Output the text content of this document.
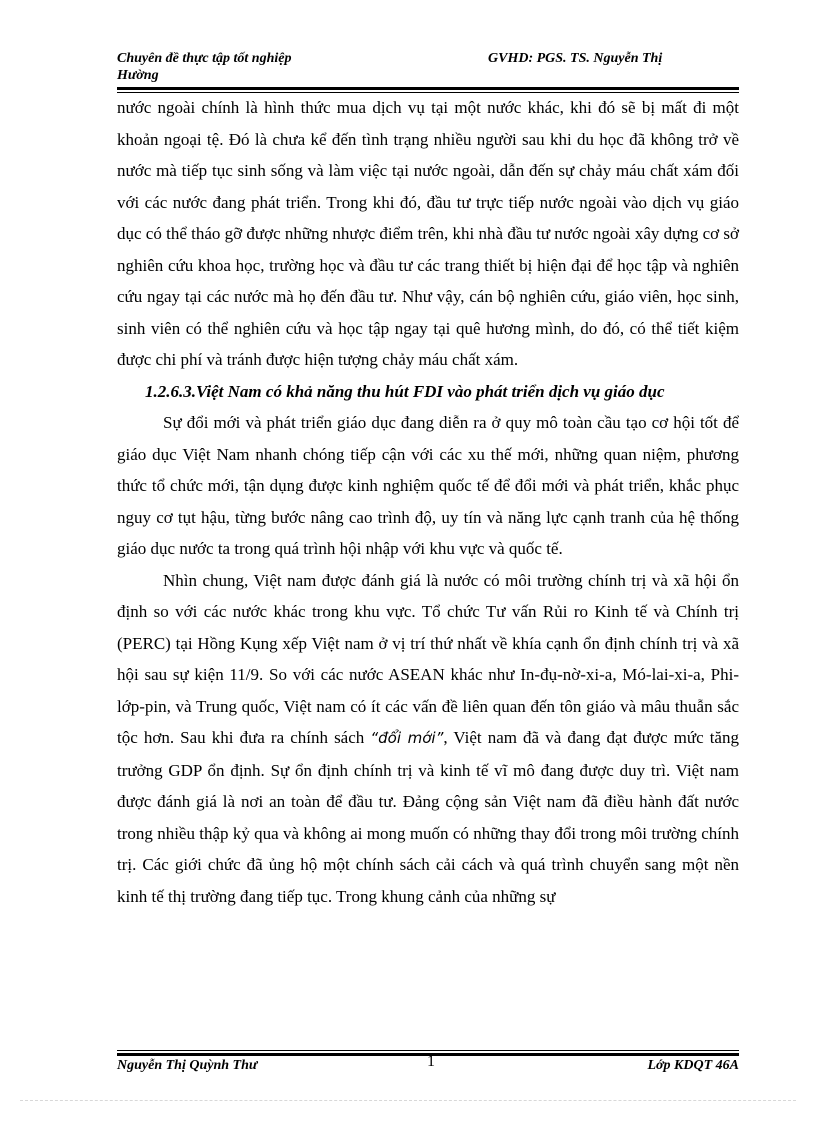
Chuyên đề thực tập tốt nghiệp
Hường
GVHD: PGS. TS. Nguyễn Thị

nước ngoài chính là hình thức mua dịch vụ tại một nước khác, khi đó sẽ bị mất đi một khoản ngoại tệ. Đó là chưa kể đến tình trạng nhiều người sau khi du học đã không trở về nước mà tiếp tục sinh sống và làm việc tại nước ngoài, dẫn đến sự chảy máu chất xám đối với các nước đang phát triển. Trong khi đó, đầu tư trực tiếp nước ngoài vào dịch vụ giáo dục có thể tháo gỡ được những nhược điểm trên, khi nhà đầu tư nước ngoài xây dựng cơ sở nghiên cứu khoa học, trường học và đầu tư các trang thiết bị hiện đại để học tập và nghiên cứu ngay tại các nước mà họ đến đầu tư. Như vậy, cán bộ nghiên cứu, giáo viên, học sinh, sinh viên có thể nghiên cứu và học tập ngay tại quê hương mình, do đó, có thể tiết kiệm được chi phí và tránh được hiện tượng chảy máu chất xám.

1.2.6.3.Việt Nam có khả năng thu hút FDI vào phát triển dịch vụ giáo dục

Sự đổi mới và phát triển giáo dục đang diễn ra ở quy mô toàn cầu tạo cơ hội tốt để giáo dục Việt Nam nhanh chóng tiếp cận với các xu thế mới, những quan niệm, phương thức tổ chức mới, tận dụng được kinh nghiệm quốc tế để đổi mới và phát triển, khắc phục nguy cơ tụt hậu, từng bước nâng cao trình độ, uy tín và năng lực cạnh tranh của hệ thống giáo dục nước ta trong quá trình hội nhập với khu vực và quốc tế.

Nhìn chung, Việt nam được đánh giá là nước có môi trường chính trị và xã hội ổn định so với các nước khác trong khu vực. Tổ chức Tư vấn Rủi ro Kinh tế và Chính trị (PERC) tại Hồng Kụng xếp Việt nam ở vị trí thứ nhất về khía cạnh ổn định chính trị và xã hội sau sự kiện 11/9. So với các nước ASEAN khác như In-đụ-nờ-xi-a, Mó-lai-xi-a, Phi-lớp-pin, và Trung quốc, Việt nam có ít các vấn đề liên quan đến tôn giáo và mâu thuẫn sắc tộc hơn. Sau khi đưa ra chính sách “đổi mới”, Việt nam đã và đang đạt được mức tăng trưởng GDP ổn định. Sự ổn định chính trị và kinh tế vĩ mô đang được duy trì. Việt nam được đánh giá là nơi an toàn để đầu tư. Đảng cộng sản Việt nam đã điều hành đất nước trong nhiều thập kỷ qua và không ai mong muốn có những thay đổi trong môi trường chính trị. Các giới chức đã ủng hộ một chính sách cải cách và quá trình chuyển sang một nền kinh tế thị trường đang tiếp tục. Trong khung cảnh của những sự

Nguyễn Thị Quỳnh Thư	1	Lớp KDQT 46A
